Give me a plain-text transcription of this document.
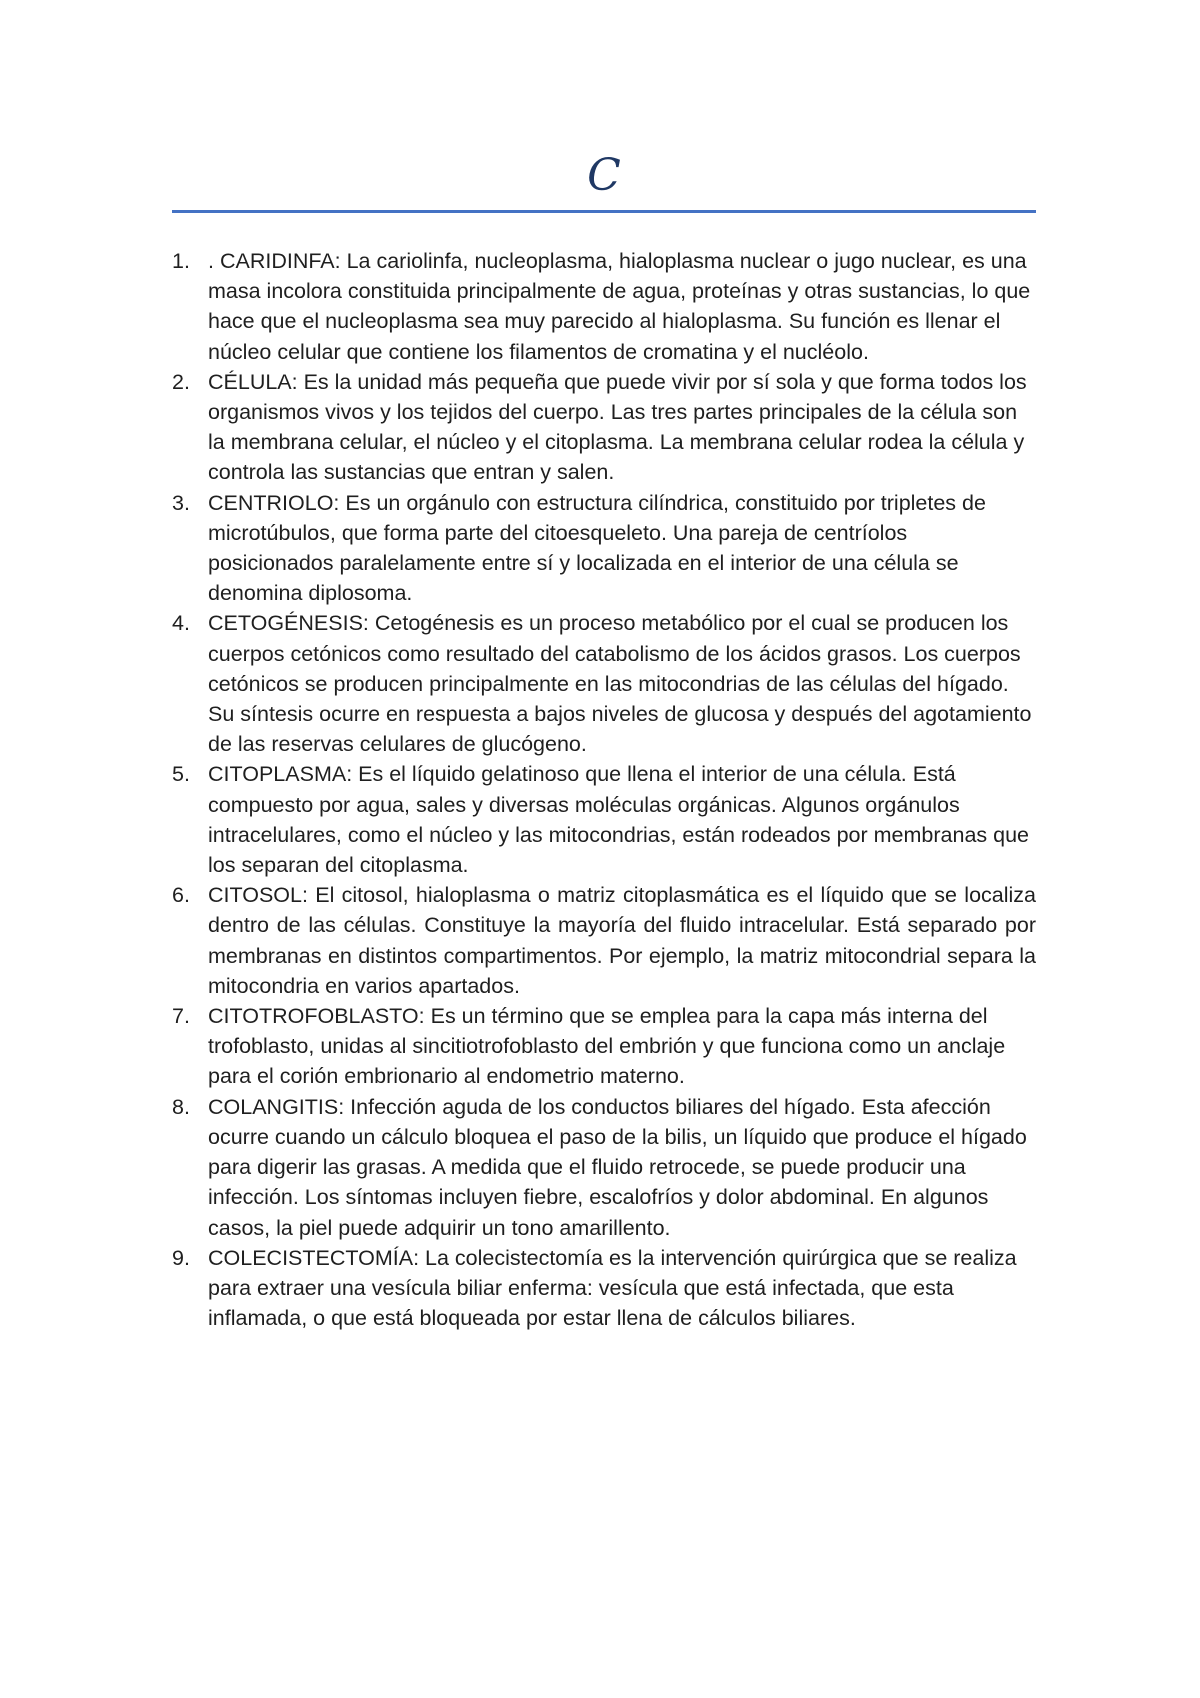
C
1. . CARIDINFA: La cariolinfa, nucleoplasma, hialoplasma nuclear o jugo nuclear, es una masa incolora constituida principalmente de agua, proteínas y otras sustancias, lo que hace que el nucleoplasma sea muy parecido al hialoplasma. Su función es llenar el núcleo celular que contiene los filamentos de cromatina y el nucléolo.
2. CÉLULA: Es la unidad más pequeña que puede vivir por sí sola y que forma todos los organismos vivos y los tejidos del cuerpo. Las tres partes principales de la célula son la membrana celular, el núcleo y el citoplasma. La membrana celular rodea la célula y controla las sustancias que entran y salen.
3. CENTRIOLO: Es un orgánulo con estructura cilíndrica, constituido por tripletes de microtúbulos, que forma parte del citoesqueleto. Una pareja de centríolos posicionados paralelamente entre sí y localizada en el interior de una célula se denomina diplosoma.
4. CETOGÉNESIS: Cetogénesis es un proceso metabólico por el cual se producen los cuerpos cetónicos como resultado del catabolismo de los ácidos grasos. Los cuerpos cetónicos se producen principalmente en las mitocondrias de las células del hígado. Su síntesis ocurre en respuesta a bajos niveles de glucosa y después del agotamiento de las reservas celulares de glucógeno.
5. CITOPLASMA: Es el líquido gelatinoso que llena el interior de una célula. Está compuesto por agua, sales y diversas moléculas orgánicas. Algunos orgánulos intracelulares, como el núcleo y las mitocondrias, están rodeados por membranas que los separan del citoplasma.
6. CITOSOL: El citosol, hialoplasma o matriz citoplasmática es el líquido que se localiza dentro de las células. Constituye la mayoría del fluido intracelular. Está separado por membranas en distintos compartimentos. Por ejemplo, la matriz mitocondrial separa la mitocondria en varios apartados.
7. CITOTROFOBLASTO: Es un término que se emplea para la capa más interna del trofoblasto, unidas al sincitiotrofoblasto del embrión y que funciona como un anclaje para el corión embrionario al endometrio materno.
8. COLANGITIS: Infección aguda de los conductos biliares del hígado. Esta afección ocurre cuando un cálculo bloquea el paso de la bilis, un líquido que produce el hígado para digerir las grasas. A medida que el fluido retrocede, se puede producir una infección. Los síntomas incluyen fiebre, escalofríos y dolor abdominal. En algunos casos, la piel puede adquirir un tono amarillento.
9. COLECISTECTOMÍA: La colecistectomía es la intervención quirúrgica que se realiza para extraer una vesícula biliar enferma: vesícula que está infectada, que esta inflamada, o que está bloqueada por estar llena de cálculos biliares.
